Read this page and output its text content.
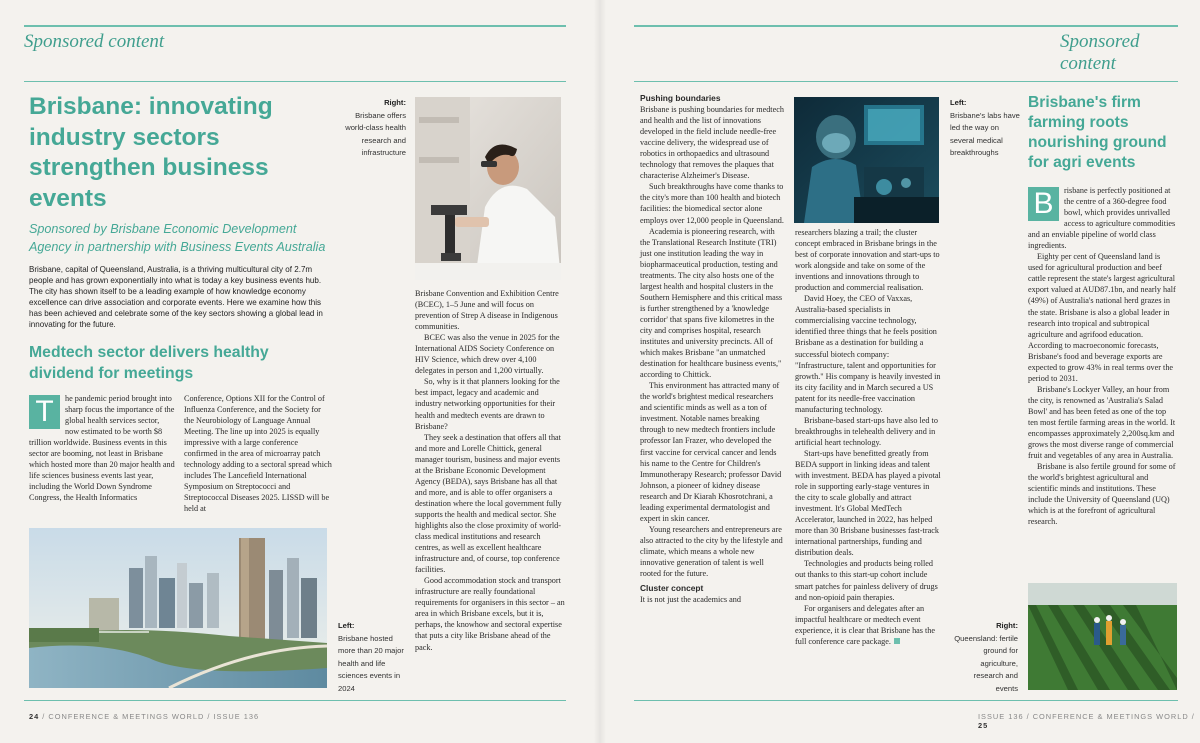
Sponsored content
Brisbane: innovating industry sectors strengthen business events
Sponsored by Brisbane Economic Development Agency in partnership with Business Events Australia
Brisbane, capital of Queensland, Australia, is a thriving multicultural city of 2.7m people and has grown exponentially into what is today a key business events hub. The city has shown itself to be a leading example of how knowledge economy excellence can drive association and corporate events. Here we examine how this has been achieved and celebrate some of the key sectors showing a global lead in innovating for the future.
Medtech sector delivers healthy dividend for meetings
T	he pandemic period brought into sharp focus the importance of the global health services sector, now estimated to be worth $8 trillion worldwide. Business events in this sector are booming, not least in Brisbane which hosted more than 20 major health and life sciences business events last year, including the World Down Syndrome Congress, the Health Informatics
Conference, Options XII for the Control of Influenza Conference, and the Society for the Neurobiology of Language Annual Meeting. The line up into 2025 is equally impressive with a large conference confirmed in the area of microarray patch technology adding to a sectoral spread which includes The Lancefield International Symposium on Streptococci and Streptococcal Diseases 2025. LISSD will be held at
Right:
Brisbane offers world-class health research and infrastructure

Brisbane Convention and Exhibition Centre (BCEC), 1–5 June and will focus on prevention of Strep A disease in Indigenous communities.

BCEC was also the venue in 2025 for the International AIDS Society Conference on HIV Science, which drew over 4,100 delegates in person and 1,200 virtually.

So, why is it that planners looking for the best impact, legacy and academic and industry networking opportunities for their health and medtech events are drawn to Brisbane?

They seek a destination that offers all that and more and Lorelle Chittick, general manager tourism, business and major events at the Brisbane Economic Development Agency (BEDA), says Brisbane has all that and more, and is able to offer organisers a destination where the local government fully supports the health and medical sector. She highlights also the close proximity of world-class medical institutions and research centres, as well as excellent healthcare infrastructure and, of course, top conference facilities.

Good accommodation stock and transport infrastructure are really foundational requirements for organisers in this sector – an area in which Brisbane excels, but it is, perhaps, the knowhow and sectoral expertise that puts a city like Brisbane ahead of the pack.

Left:
Brisbane hosted more than 20 major health and life sciences events in 2024
24 / CONFERENCE & MEETINGS WORLD / ISSUE 136
Sponsored content
Pushing boundaries

Brisbane is pushing boundaries for medtech and health and the list of innovations developed in the field include needle-free vaccine delivery, the widespread use of robotics in orthopaedics and ultrasound technology that removes the plaques that characterise Alzheimer's Disease.

Such breakthroughs have come thanks to the city's more than 100 health and biotech facilities: the biomedical sector alone employs over 12,000 people in Queensland.

Academia is pioneering research, with the Translational Research Institute (TRI) just one institution leading the way in biopharmaceutical production, testing and treatments. The city also hosts one of the largest health and hospital clusters in the Southern Hemisphere and this critical mass is further strengthened by a 'knowledge corridor' that spans five kilometres in the city and comprises hospital, research institutes and university precincts. All of which makes Brisbane "an unmatched destination for healthcare business events," according to Chittick.

This environment has attracted many of the world's brightest medical researchers and scientific minds as well as a ton of investment. Notable names breaking through to new medtech frontiers include professor Ian Frazer, who developed the first vaccine for cervical cancer and lends his name to the Centre for Children's Immunotherapy Research; professor David Johnson, a pioneer of kidney disease research and Dr Kiarah Khosrotchrani, a leading experimental dermatologist and expert in skin cancer.

Young researchers and entrepreneurs are also attracted to the city by the lifestyle and climate, which means a whole new innovative generation of talent is well rooted for the future.

Cluster concept

It is not just the academics and

Left:
Brisbane's labs have led the way on several medical breakthroughs

researchers blazing a trail; the cluster concept embraced in Brisbane brings in the best of corporate innovation and start-ups to work alongside and take on some of the inventions and innovations through to production and commercial realisation.

David Hoey, the CEO of Vaxxas, Australia-based specialists in commercialising vaccine technology, identified three things that he feels position Brisbane as a destination for building a successful biotech company: "Infrastructure, talent and opportunities for growth." His company is heavily invested in its city facility and in March secured a US patent for its needle-free vaccination manufacturing technology.

Brisbane-based start-ups have also led to breakthroughs in telehealth delivery and in artificial heart technology.

Start-ups have benefitted greatly from BEDA support in linking ideas and talent with investment. BEDA has played a pivotal role in supporting early-stage ventures in the city to scale globally and attract investment. It's Global MedTech Accelerator, launched in 2022, has helped more than 30 Brisbane businesses fast-track international partnerships, funding and distribution deals.

Technologies and products being rolled out thanks to this start-up cohort include smart patches for painless delivery of drugs and non-opioid pain therapies.

For organisers and delegates after an impactful healthcare or medtech event experience, it is clear that Brisbane has the full conference care package.

Brisbane's firm farming roots nourishing ground for agri events
B	risbane is perfectly positioned at the centre of a 360-degree food bowl, which provides unrivalled access to agriculture commodities and an enviable pipeline of world class ingredients.

Eighty per cent of Queensland land is used for agricultural production and beef cattle represent the state's largest agricultural export valued at AUD87.1bn, and nearly half (49%) of Australia's national herd grazes in the state. Brisbane is also a global leader in research into tropical and subtropical agriculture and agrifood education. According to macroeconomic forecasts, Brisbane's food and beverage exports are expected to grow 43% in real terms over the period to 2031.

Brisbane's Lockyer Valley, an hour from the city, is renowned as 'Australia's Salad Bowl' and has been feted as one of the top ten most fertile farming areas in the world. It encompasses approximately 2,200sq.km and grows the most diverse range of commercial fruit and vegetables of any area in Australia.

Brisbane is also fertile ground for some of the world's brightest agricultural and scientific minds and institutions. These include the University of Queensland (UQ) which is at the forefront of agricultural research.

Right:
Queensland: fertile ground for agriculture, research and events
ISSUE 136 / CONFERENCE & MEETINGS WORLD / 25
